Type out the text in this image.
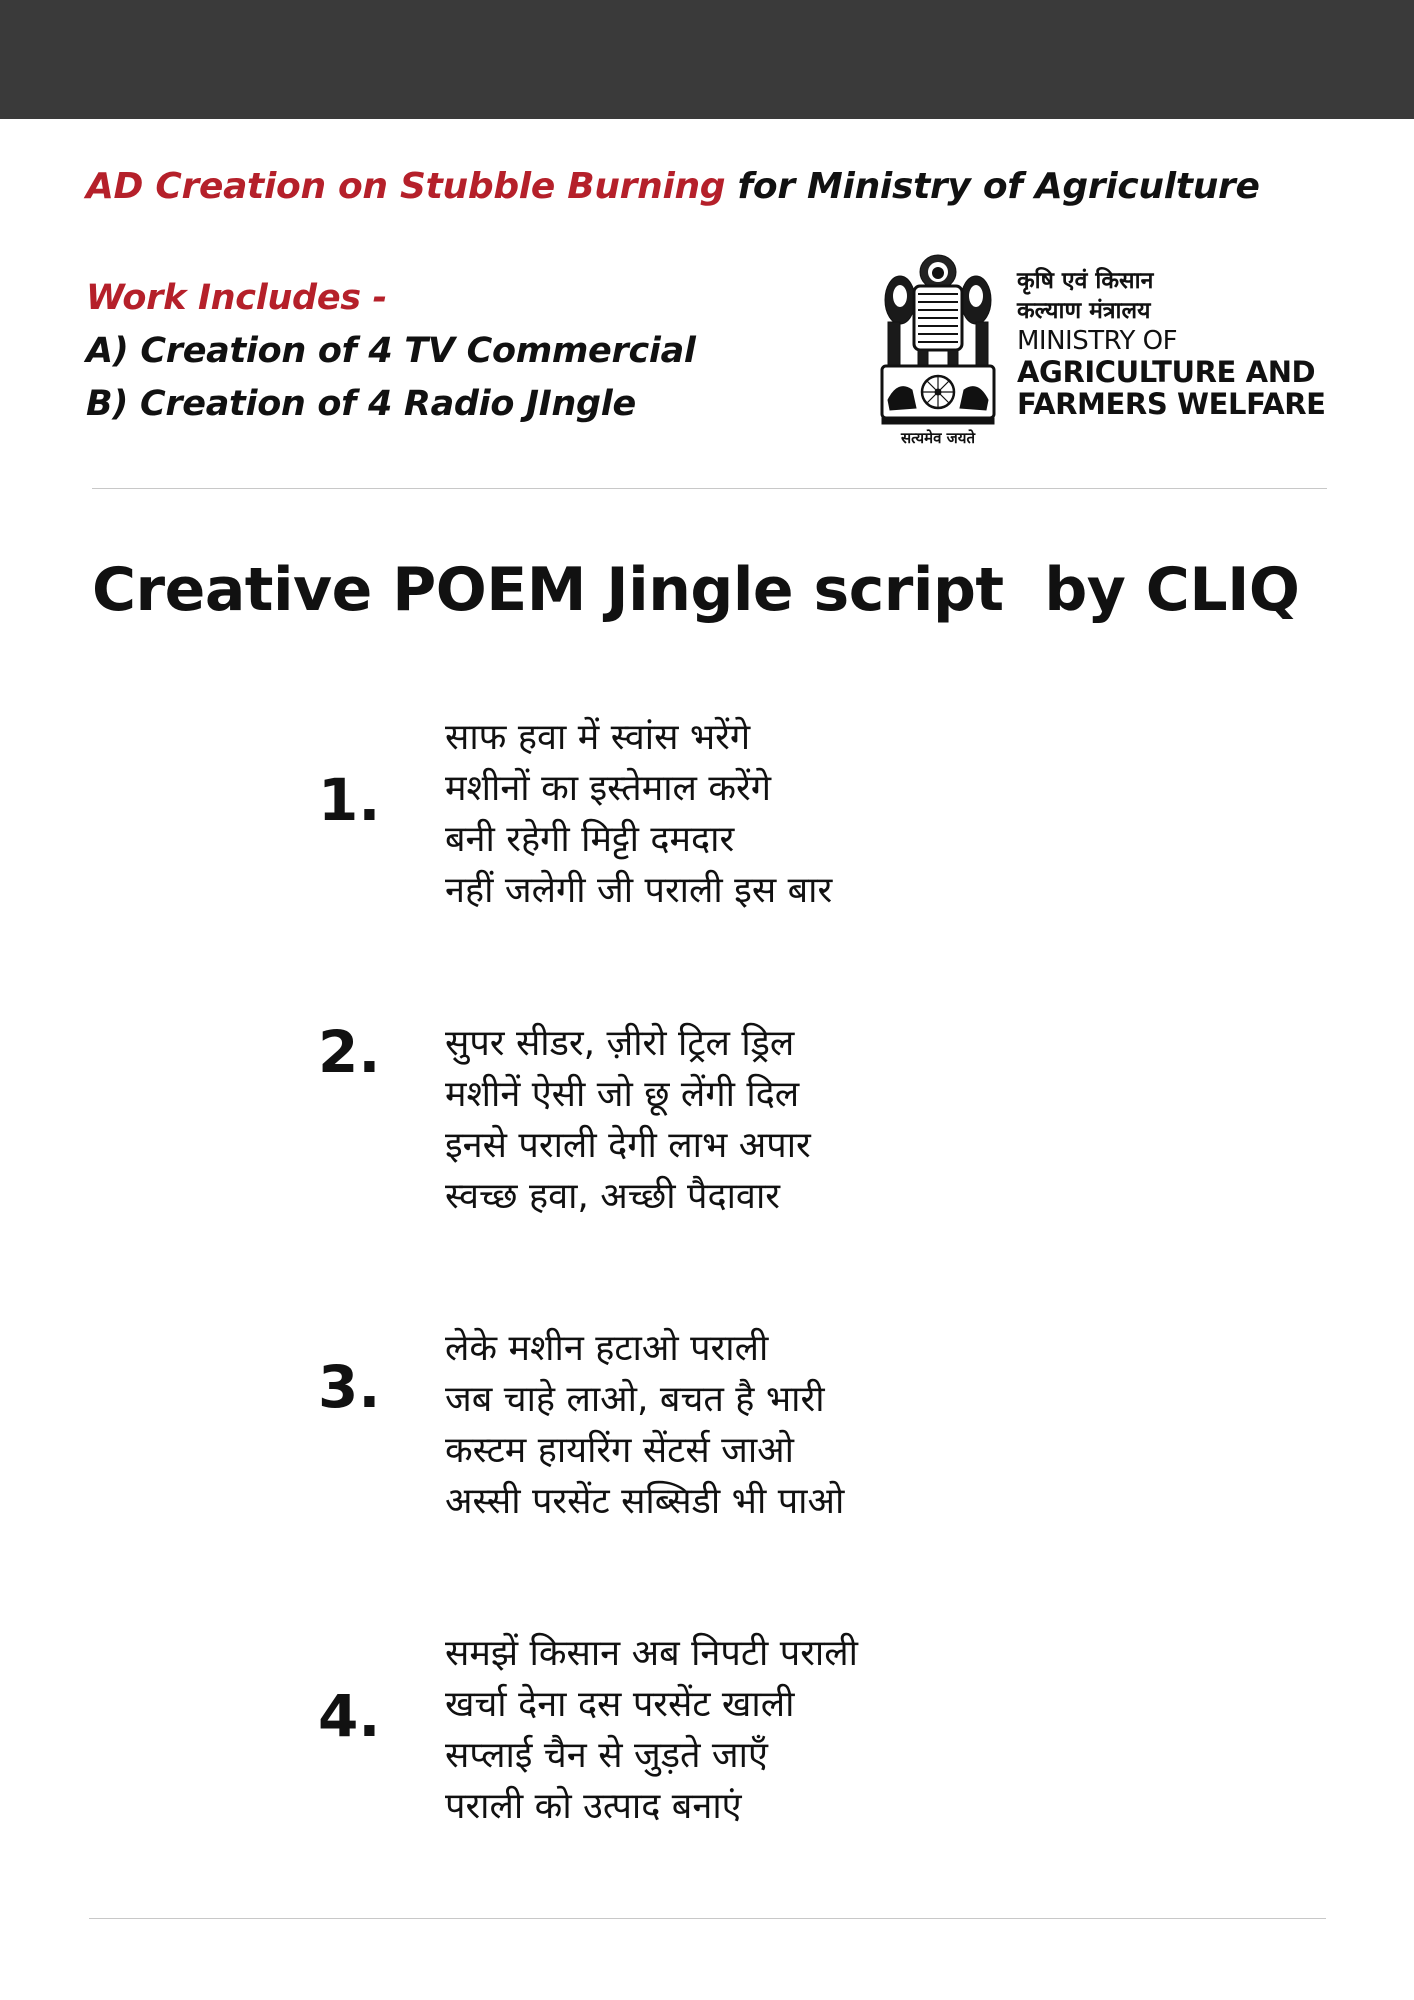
AD Creation on Stubble Burning for Ministry of Agriculture
Work Includes -
A) Creation of 4 TV Commercial
B) Creation of 4 Radio JIngle
सत्यमेव जयते
कृषि एवं किसान
कल्याण मंत्रालय
MINISTRY OF
AGRICULTURE AND
FARMERS WELFARE
Creative POEM Jingle script  by CLIQ
1.
साफ हवा में स्वांस भरेंगे
मशीनों का इस्तेमाल करेंगे
बनी रहेगी मिट्टी दमदार
नहीं जलेगी जी पराली इस बार
2. सुपर सीडर, ज़ीरो ट्रिल ड्रिल
मशीनें ऐसी जो छू लेंगी दिल
इनसे पराली देगी लाभ अपार
स्वच्छ हवा, अच्छी पैदावार
3.
लेके मशीन हटाओ पराली
जब चाहे लाओ, बचत है भारी
कस्टम हायरिंग सेंटर्स जाओ
अस्सी परसेंट सब्सिडी भी पाओ
4.
समझें किसान अब निपटी पराली
खर्चा देना दस परसेंट खाली
सप्लाई चैन से जुड़ते जाएँ
पराली को उत्पाद बनाएं
